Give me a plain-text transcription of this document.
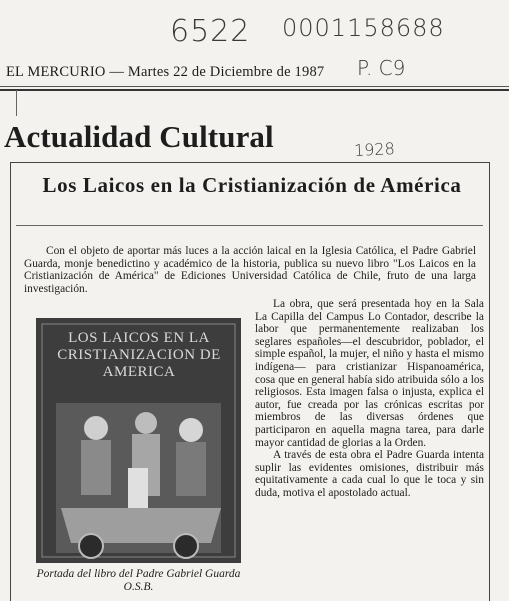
6522 0001158688
P. C9
1928
EL MERCURIO — Martes 22 de Diciembre de 1987
Actualidad Cultural
Los Laicos en la Cristianización de América
Con el objeto de aportar más luces a la acción laical en la Iglesia Católica, el Padre Gabriel Guarda, monje benedictino y académico de la historia, publica su nuevo libro "Los Laicos en la Cristianización de América" de Ediciones Universidad Católica de Chile, fruto de una larga investigación.
LOS LAICOS EN LA CRISTIANIZACION DE AMERICA
Portada del libro del Padre Gabriel Guarda O.S.B.

La obra, que será presentada hoy en la Sala La Capilla del Campus Lo Contador, describe la labor que permanentemente realizaban los seglares españoles—el descubridor, poblador, el simple español, la mujer, el niño y hasta el mismo indígena— para cristianizar Hispanoamérica, cosa que en general había sido atribuida sólo a los religiosos. Esta imagen falsa o injusta, explica el autor, fue creada por las crónicas escritas por miembros de las diversas órdenes que participaron en aquella magna tarea, para darle mayor cantidad de glorias a la Orden.

A través de esta obra el Padre Guarda intenta suplir las evidentes omisiones, distribuir más equitativamente a cada cual lo que le toca y sin duda, motiva el apostolado actual.
